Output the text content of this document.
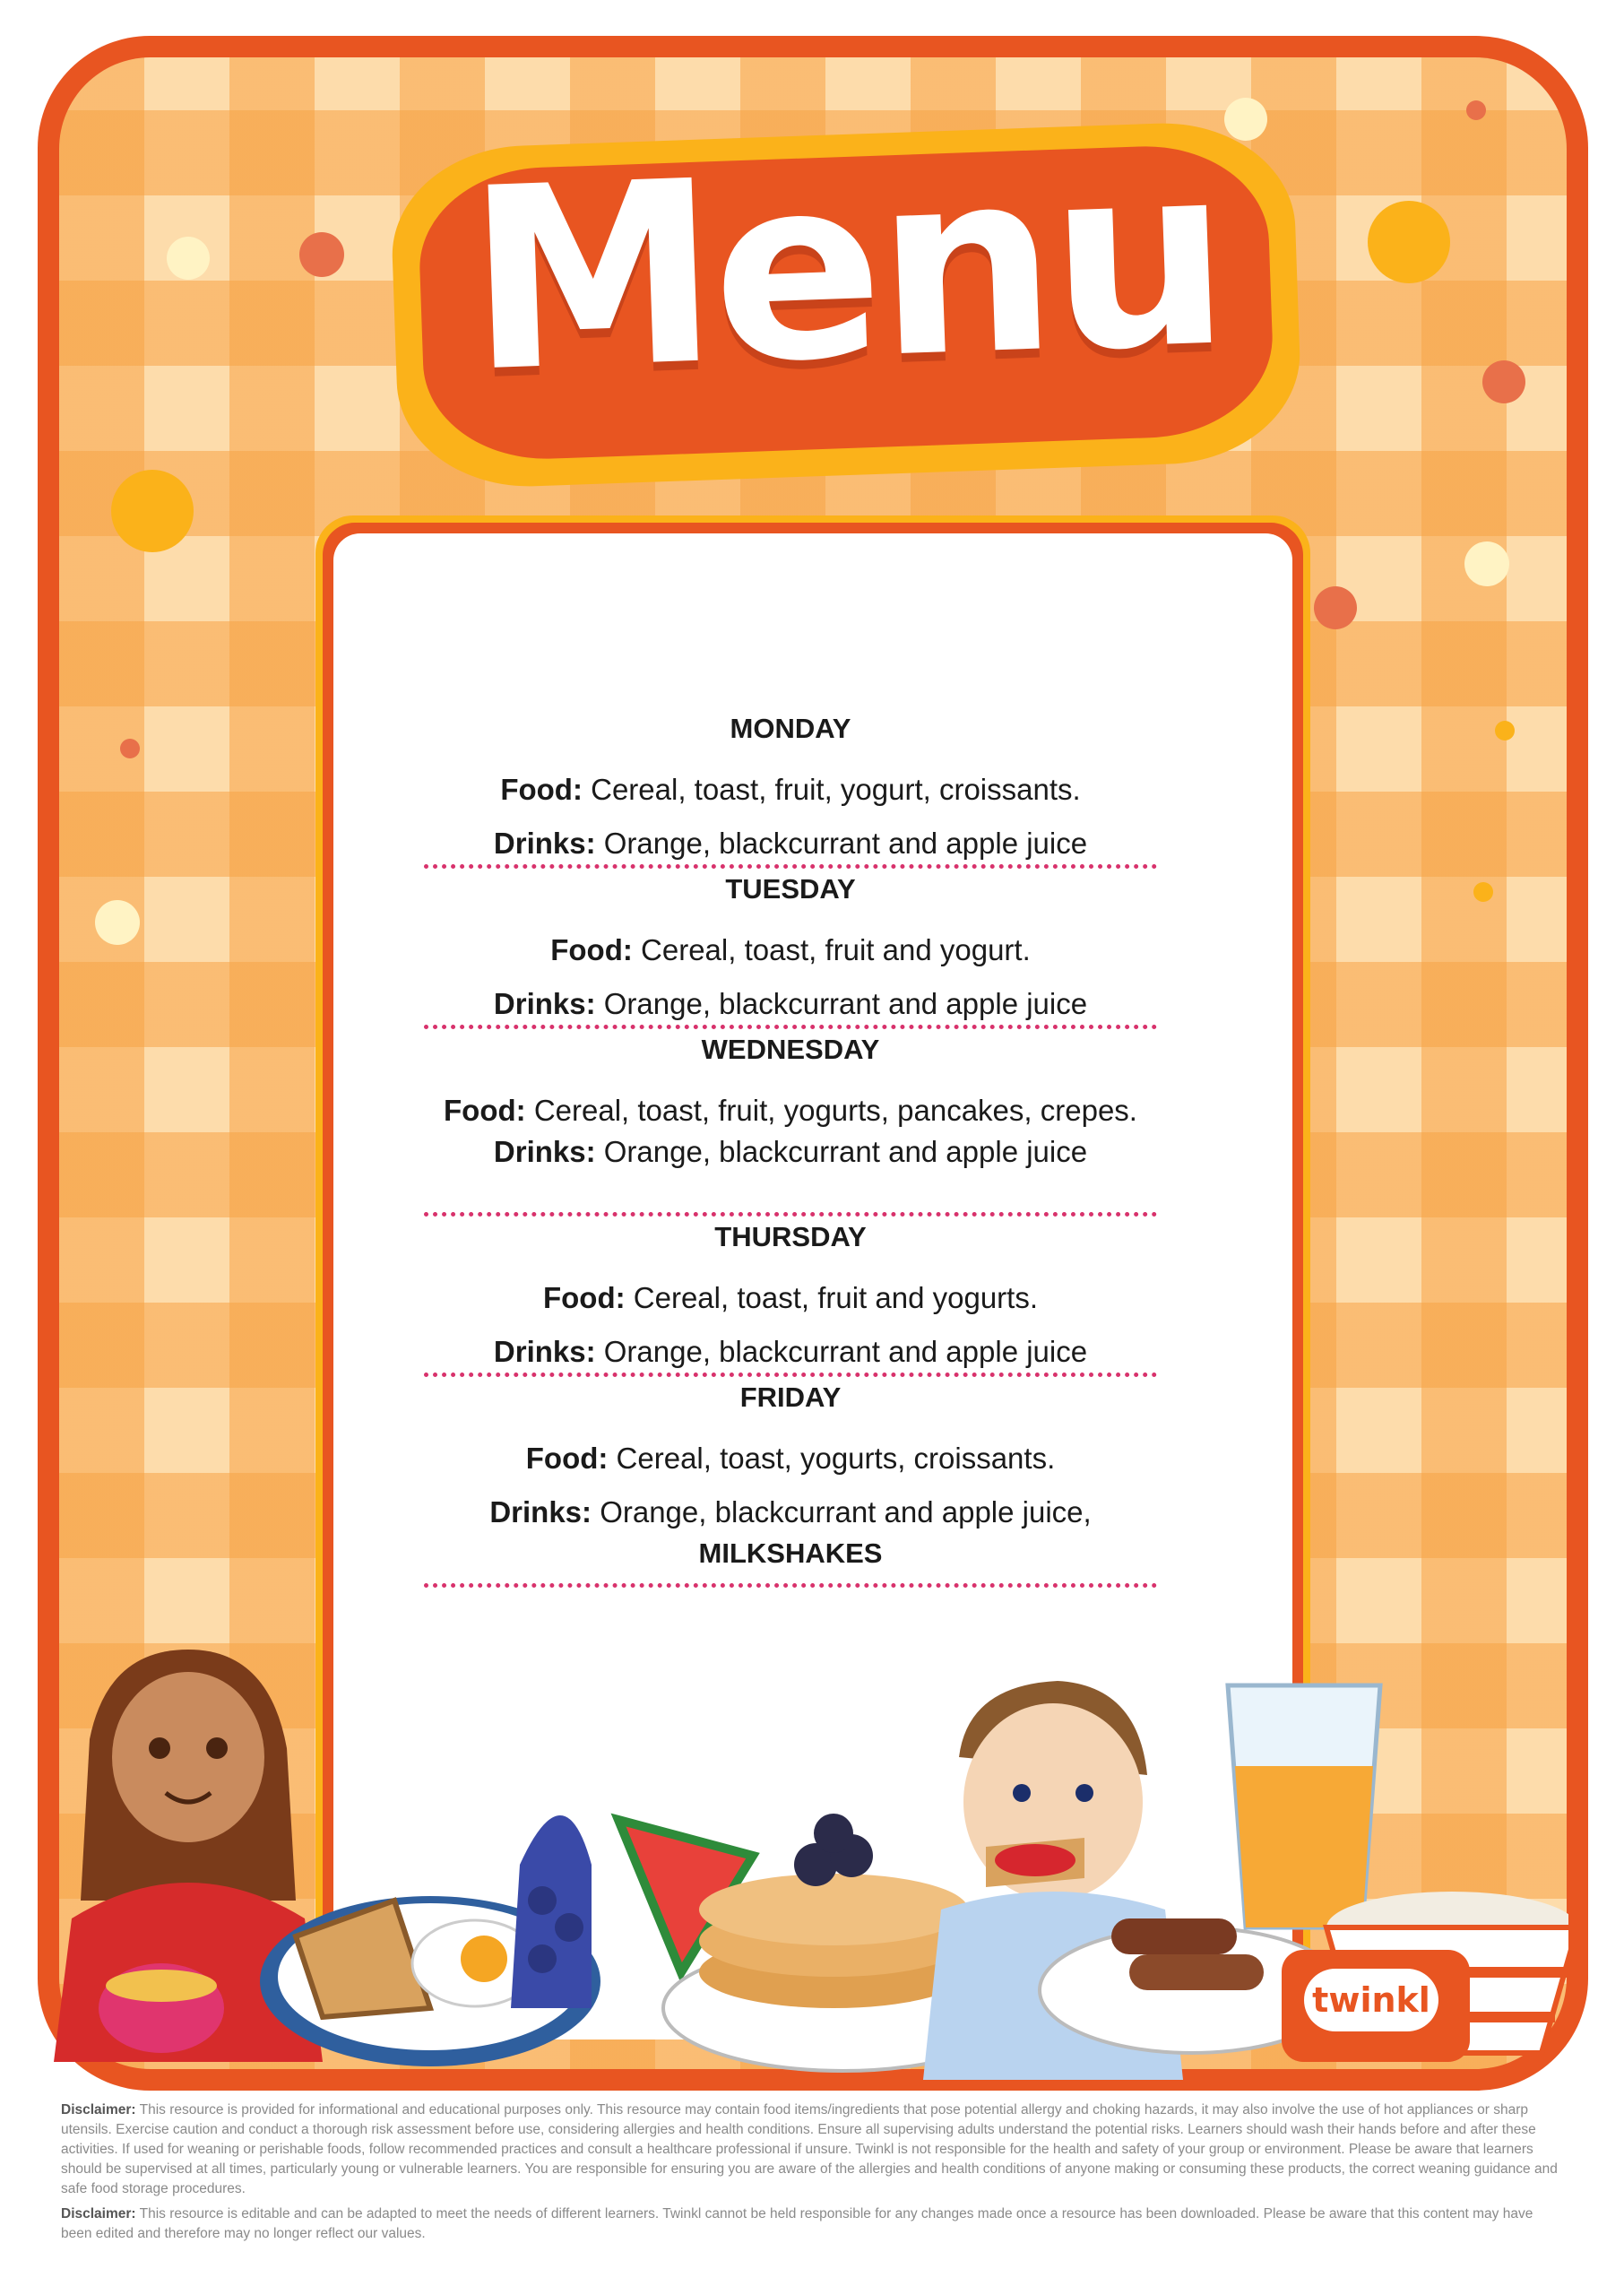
Menu

MONDAY

Food: Cereal, toast, fruit, yogurt, croissants.

Drinks: Orange, blackcurrant and apple juice

TUESDAY

Food: Cereal, toast, fruit and yogurt.

Drinks: Orange, blackcurrant and apple juice

WEDNESDAY

Food: Cereal, toast, fruit, yogurts, pancakes, crepes.

Drinks: Orange, blackcurrant and apple juice

THURSDAY

Food: Cereal, toast, fruit and yogurts.

Drinks: Orange, blackcurrant and apple juice

FRIDAY

Food: Cereal, toast, yogurts, croissants.

Drinks: Orange, blackcurrant and apple juice,

MILKSHAKES

twinkl

Disclaimer: This resource is provided for informational and educational purposes only. This resource may contain food items/ingredients that pose potential allergy and choking hazards, it may also involve the use of hot appliances or sharp utensils. Exercise caution and conduct a thorough risk assessment before use, considering allergies and health conditions. Ensure all supervising adults understand the potential risks. Learners should wash their hands before and after these activities. If used for weaning or perishable foods, follow recommended practices and consult a healthcare professional if unsure. Twinkl is not responsible for the health and safety of your group or environment. Please be aware that learners should be supervised at all times, particularly young or vulnerable learners. You are responsible for ensuring you are aware of the allergies and health conditions of anyone making or consuming these products, the correct weaning guidance and safe food storage procedures.

Disclaimer: This resource is editable and can be adapted to meet the needs of different learners. Twinkl cannot be held responsible for any changes made once a resource has been downloaded. Please be aware that this content may have been edited and therefore may no longer reflect our values.
